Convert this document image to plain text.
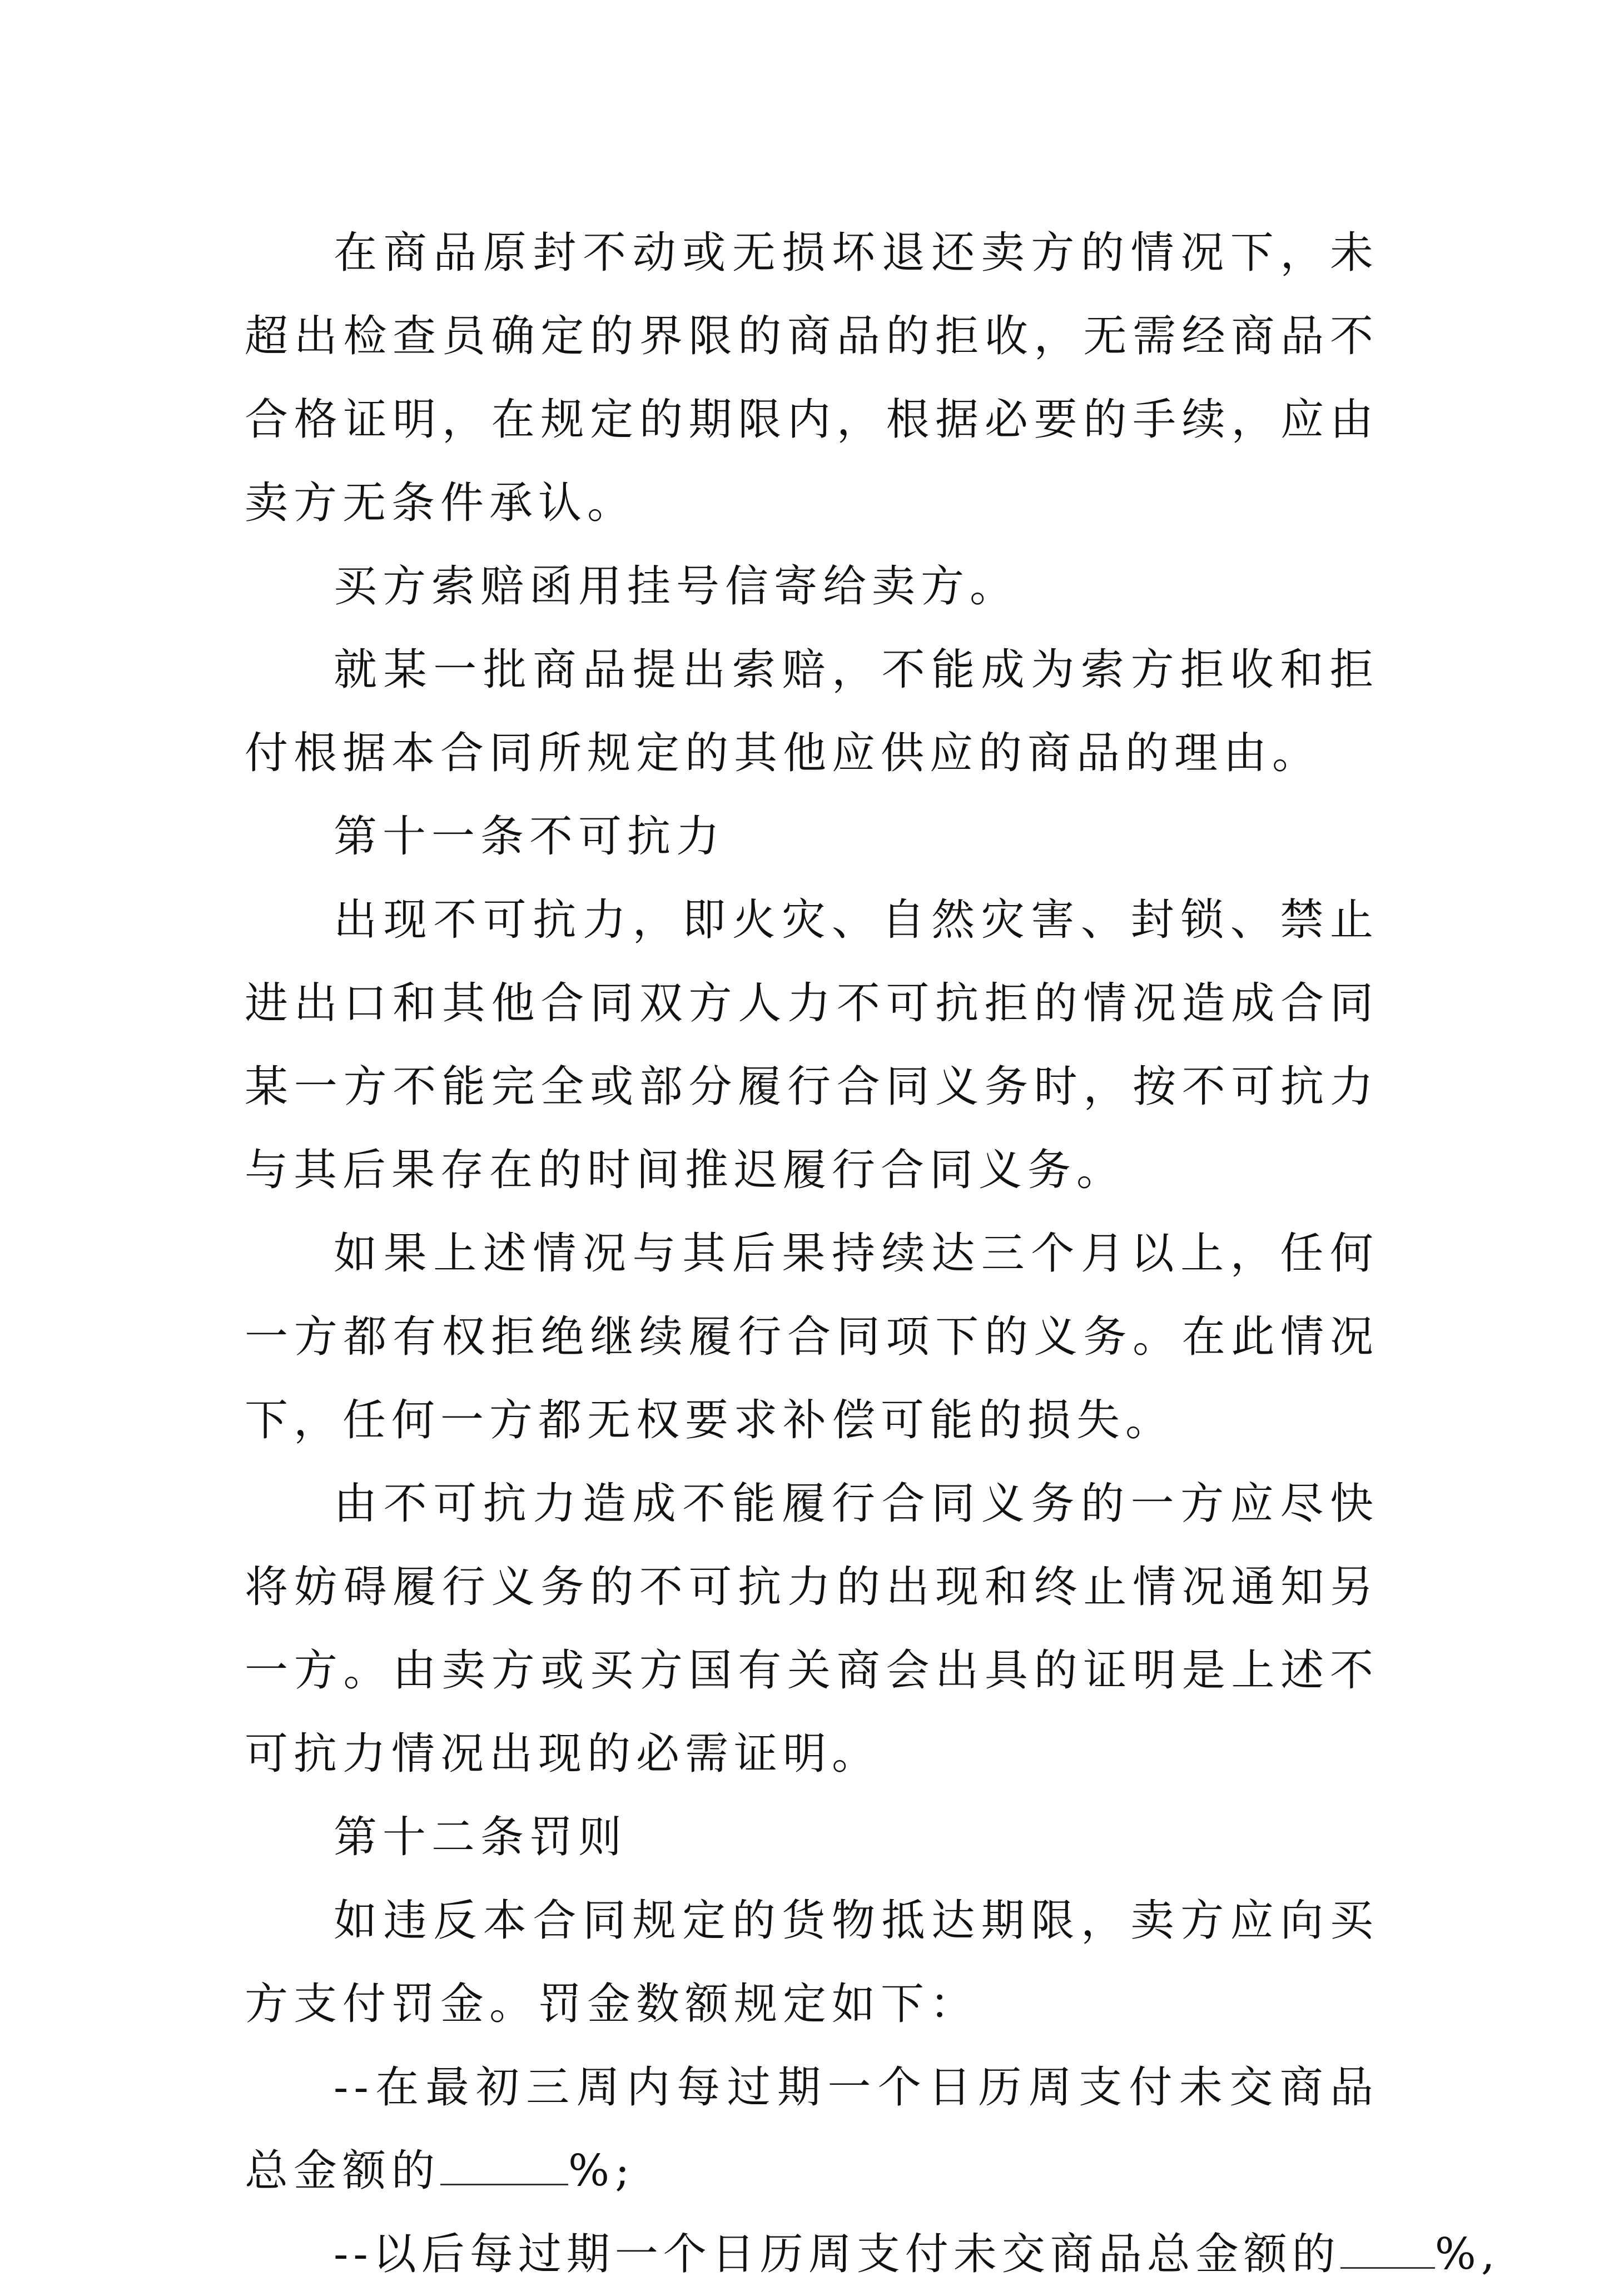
在商品原封不动或无损坏退还卖方的情况下，未超出检查员确定的界限的商品的拒收，无需经商品不合格证明，在规定的期限内，根据必要的手续，应由卖方无条件承认。

买方索赔函用挂号信寄给卖方。

就某一批商品提出索赔，不能成为索方拒收和拒付根据本合同所规定的其他应供应的商品的理由。

第十一条不可抗力

出现不可抗力，即火灾、自然灾害、封锁、禁止进出口和其他合同双方人力不可抗拒的情况造成合同某一方不能完全或部分履行合同义务时，按不可抗力与其后果存在的时间推迟履行合同义务。

如果上述情况与其后果持续达三个月以上，任何一方都有权拒绝继续履行合同项下的义务。在此情况下，任何一方都无权要求补偿可能的损失。

由不可抗力造成不能履行合同义务的一方应尽快将妨碍履行义务的不可抗力的出现和终止情况通知另一方。由卖方或买方国有关商会出具的证明是上述不可抗力情况出现的必需证明。

第十二条罚则

如违反本合同规定的货物抵达期限，卖方应向买方支付罚金。罚金数额规定如下：

--在最初三周内每过期一个日历周支付未交商品总金额的	%;

--以后每过期一个日历周支付未交商品总金额的 %,
